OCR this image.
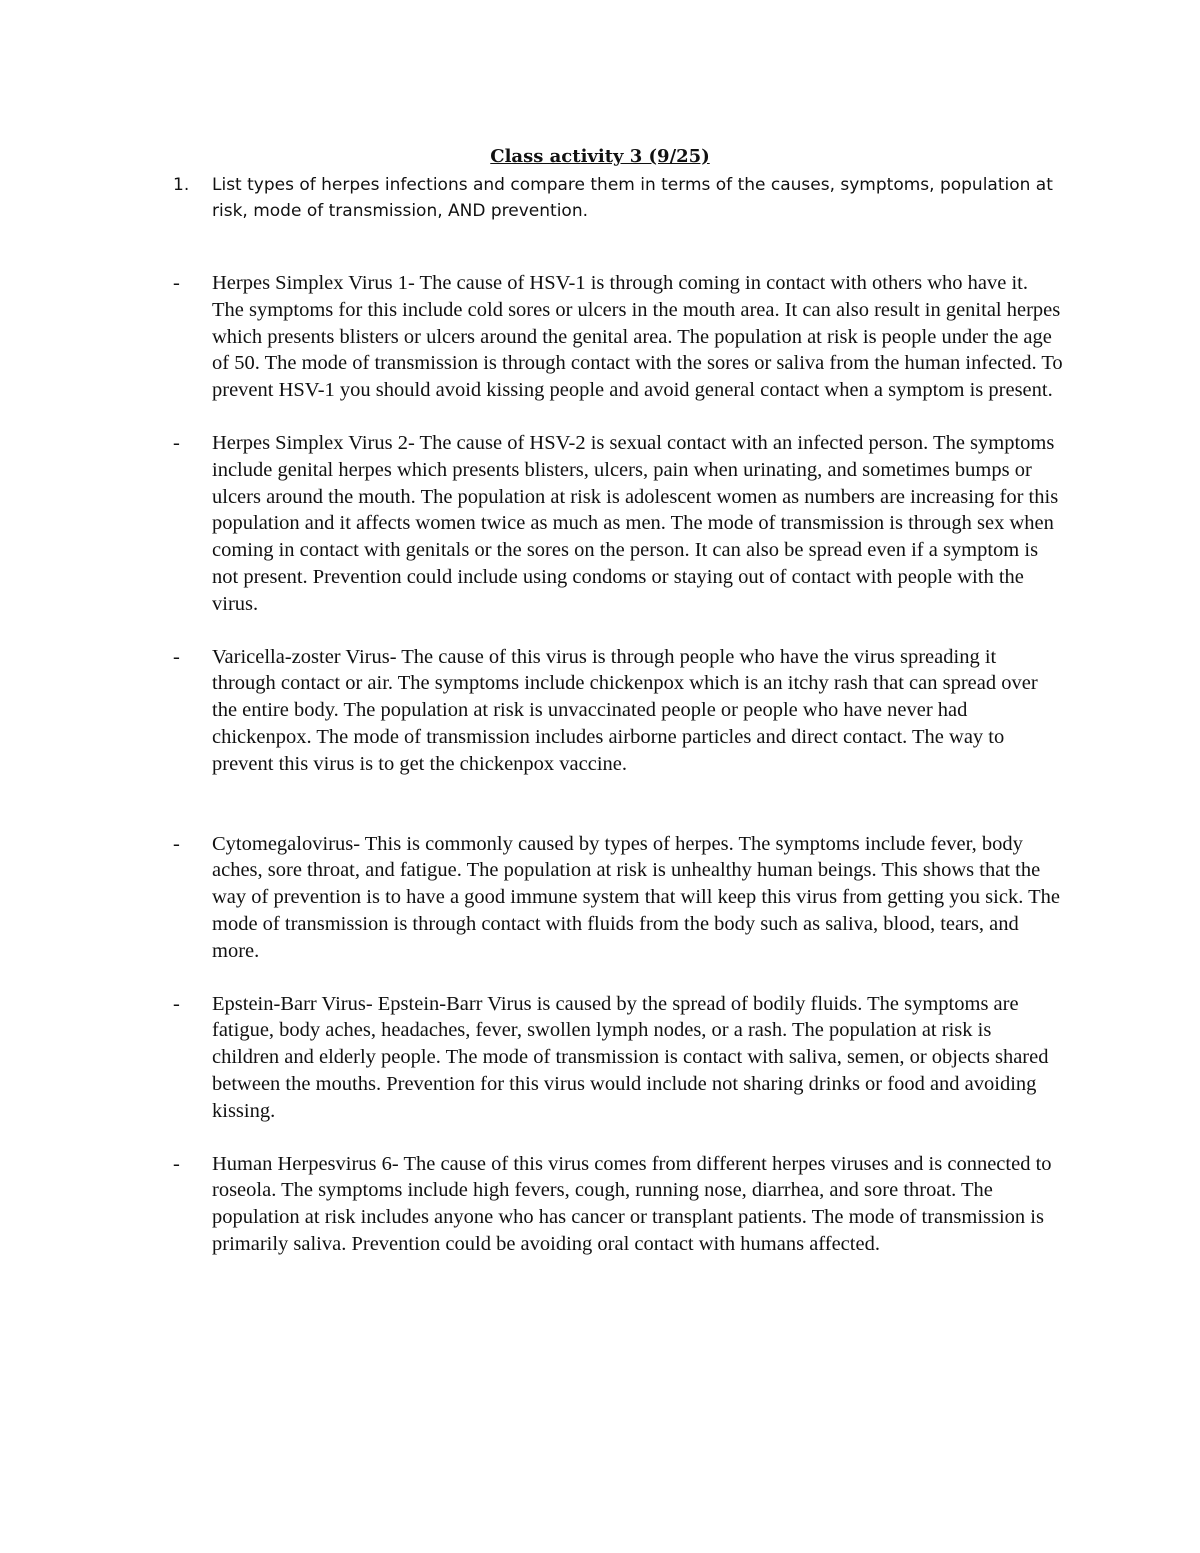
Class activity 3 (9/25)
1.	List types of herpes infections and compare them in terms of the causes, symptoms, population at risk, mode of transmission, AND prevention.
-	Herpes Simplex Virus 1- The cause of HSV-1 is through coming in contact with others who have it. The symptoms for this include cold sores or ulcers in the mouth area. It can also result in genital herpes which presents blisters or ulcers around the genital area. The population at risk is people under the age of 50. The mode of transmission is through contact with the sores or saliva from the human infected. To prevent HSV-1 you should avoid kissing people and avoid general contact when a symptom is present.
-	Herpes Simplex Virus 2- The cause of HSV-2 is sexual contact with an infected person. The symptoms include genital herpes which presents blisters, ulcers, pain when urinating, and sometimes bumps or ulcers around the mouth. The population at risk is adolescent women as numbers are increasing for this population and it affects women twice as much as men. The mode of transmission is through sex when coming in contact with genitals or the sores on the person. It can also be spread even if a symptom is not present. Prevention could include using condoms or staying out of contact with people with the virus.
-	Varicella-zoster Virus- The cause of this virus is through people who have the virus spreading it through contact or air. The symptoms include chickenpox which is an itchy rash that can spread over the entire body. The population at risk is unvaccinated people or people who have never had chickenpox. The mode of transmission includes airborne particles and direct contact. The way to prevent this virus is to get the chickenpox vaccine.
-	Cytomegalovirus- This is commonly caused by types of herpes. The symptoms include fever, body aches, sore throat, and fatigue. The population at risk is unhealthy human beings. This shows that the way of prevention is to have a good immune system that will keep this virus from getting you sick. The mode of transmission is through contact with fluids from the body such as saliva, blood, tears, and more.
-	Epstein-Barr Virus- Epstein-Barr Virus is caused by the spread of bodily fluids. The symptoms are fatigue, body aches, headaches, fever, swollen lymph nodes, or a rash. The population at risk is children and elderly people. The mode of transmission is contact with saliva, semen, or objects shared between the mouths. Prevention for this virus would include not sharing drinks or food and avoiding kissing.
-	Human Herpesvirus 6- The cause of this virus comes from different herpes viruses and is connected to roseola. The symptoms include high fevers, cough, running nose, diarrhea, and sore throat. The population at risk includes anyone who has cancer or transplant patients. The mode of transmission is primarily saliva. Prevention could be avoiding oral contact with humans affected.
